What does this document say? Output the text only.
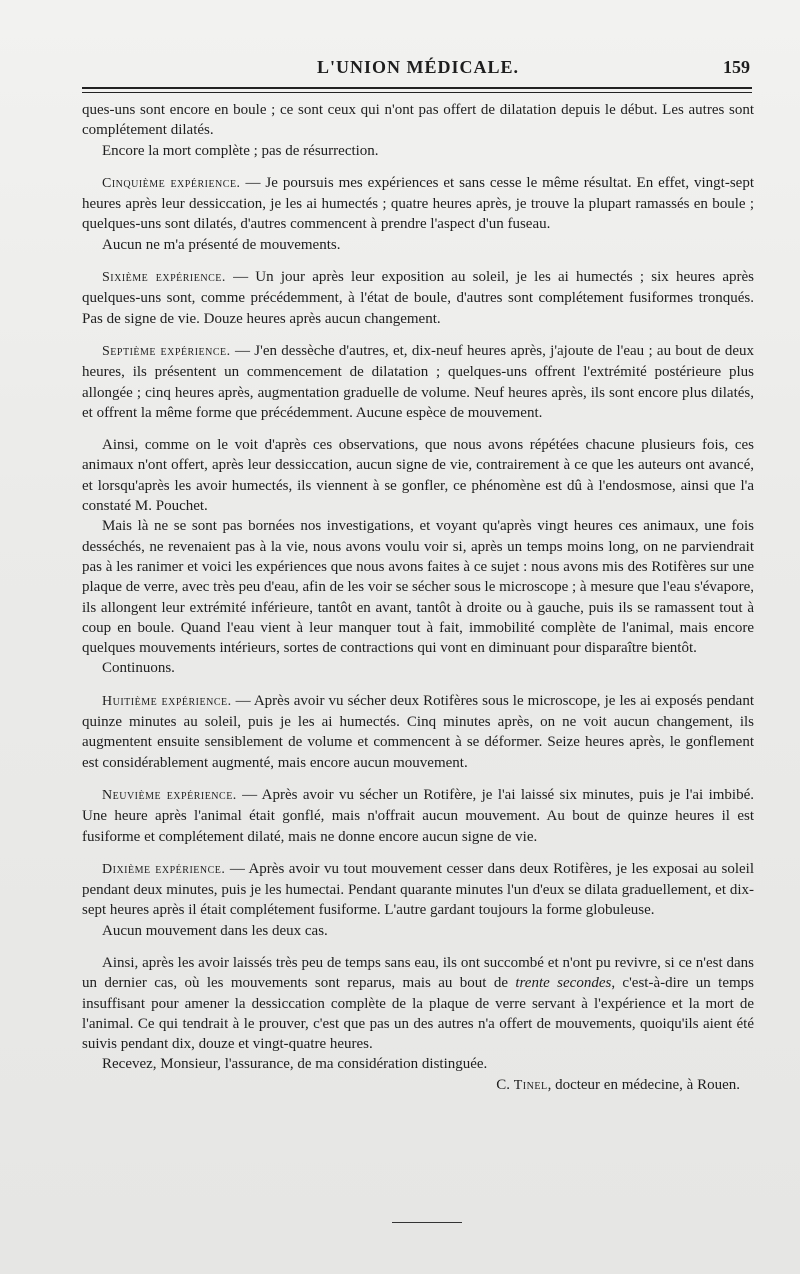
L'UNION MÉDICALE.	159

ques-uns sont encore en boule ; ce sont ceux qui n'ont pas offert de dilatation depuis le début. Les autres sont complétement dilatés.

Encore la mort complète ; pas de résurrection.

Cinquième expérience. — Je poursuis mes expériences et sans cesse le même résultat. En effet, vingt-sept heures après leur dessiccation, je les ai humectés ; quatre heures après, je trouve la plupart ramassés en boule ; quelques-uns sont dilatés, d'autres commencent à prendre l'aspect d'un fuseau.

Aucun ne m'a présenté de mouvements.

Sixième expérience. — Un jour après leur exposition au soleil, je les ai humectés ; six heures après quelques-uns sont, comme précédemment, à l'état de boule, d'autres sont complétement fusiformes tronqués. Pas de signe de vie. Douze heures après aucun changement.

Septième expérience. — J'en dessèche d'autres, et, dix-neuf heures après, j'ajoute de l'eau ; au bout de deux heures, ils présentent un commencement de dilatation ; quelques-uns offrent l'extrémité postérieure plus allongée ; cinq heures après, augmentation graduelle de volume. Neuf heures après, ils sont encore plus dilatés, et offrent la même forme que précédemment. Aucune espèce de mouvement.

Ainsi, comme on le voit d'après ces observations, que nous avons répétées chacune plusieurs fois, ces animaux n'ont offert, après leur dessiccation, aucun signe de vie, contrairement à ce que les auteurs ont avancé, et lorsqu'après les avoir humectés, ils viennent à se gonfler, ce phénomène est dû à l'endosmose, ainsi que l'a constaté M. Pouchet.

Mais là ne se sont pas bornées nos investigations, et voyant qu'après vingt heures ces animaux, une fois desséchés, ne revenaient pas à la vie, nous avons voulu voir si, après un temps moins long, on ne parviendrait pas à les ranimer et voici les expériences que nous avons faites à ce sujet : nous avons mis des Rotifères sur une plaque de verre, avec très peu d'eau, afin de les voir se sécher sous le microscope ; à mesure que l'eau s'évapore, ils allongent leur extrémité inférieure, tantôt en avant, tantôt à droite ou à gauche, puis ils se ramassent tout à coup en boule. Quand l'eau vient à leur manquer tout à fait, immobilité complète de l'animal, mais encore quelques mouvements intérieurs, sortes de contractions qui vont en diminuant pour disparaître bientôt.

Continuons.

Huitième expérience. — Après avoir vu sécher deux Rotifères sous le microscope, je les ai exposés pendant quinze minutes au soleil, puis je les ai humectés. Cinq minutes après, on ne voit aucun changement, ils augmentent ensuite sensiblement de volume et commencent à se déformer. Seize heures après, le gonflement est considérablement augmenté, mais encore aucun mouvement.

Neuvième expérience. — Après avoir vu sécher un Rotifère, je l'ai laissé six minutes, puis je l'ai imbibé. Une heure après l'animal était gonflé, mais n'offrait aucun mouvement. Au bout de quinze heures il est fusiforme et complétement dilaté, mais ne donne encore aucun signe de vie.

Dixième expérience. — Après avoir vu tout mouvement cesser dans deux Rotifères, je les exposai au soleil pendant deux minutes, puis je les humectai. Pendant quarante minutes l'un d'eux se dilata graduellement, et dix-sept heures après il était complétement fusiforme. L'autre gardant toujours la forme globuleuse.

Aucun mouvement dans les deux cas.

Ainsi, après les avoir laissés très peu de temps sans eau, ils ont succombé et n'ont pu revivre, si ce n'est dans un dernier cas, où les mouvements sont reparus, mais au bout de trente secondes, c'est-à-dire un temps insuffisant pour amener la dessiccation complète de la plaque de verre servant à l'expérience et la mort de l'animal. Ce qui tendrait à le prouver, c'est que pas un des autres n'a offert de mouvements, quoiqu'ils aient été suivis pendant dix, douze et vingt-quatre heures.

Recevez, Monsieur, l'assurance, de ma considération distinguée.

C. Tinel, docteur en médecine, à Rouen.
